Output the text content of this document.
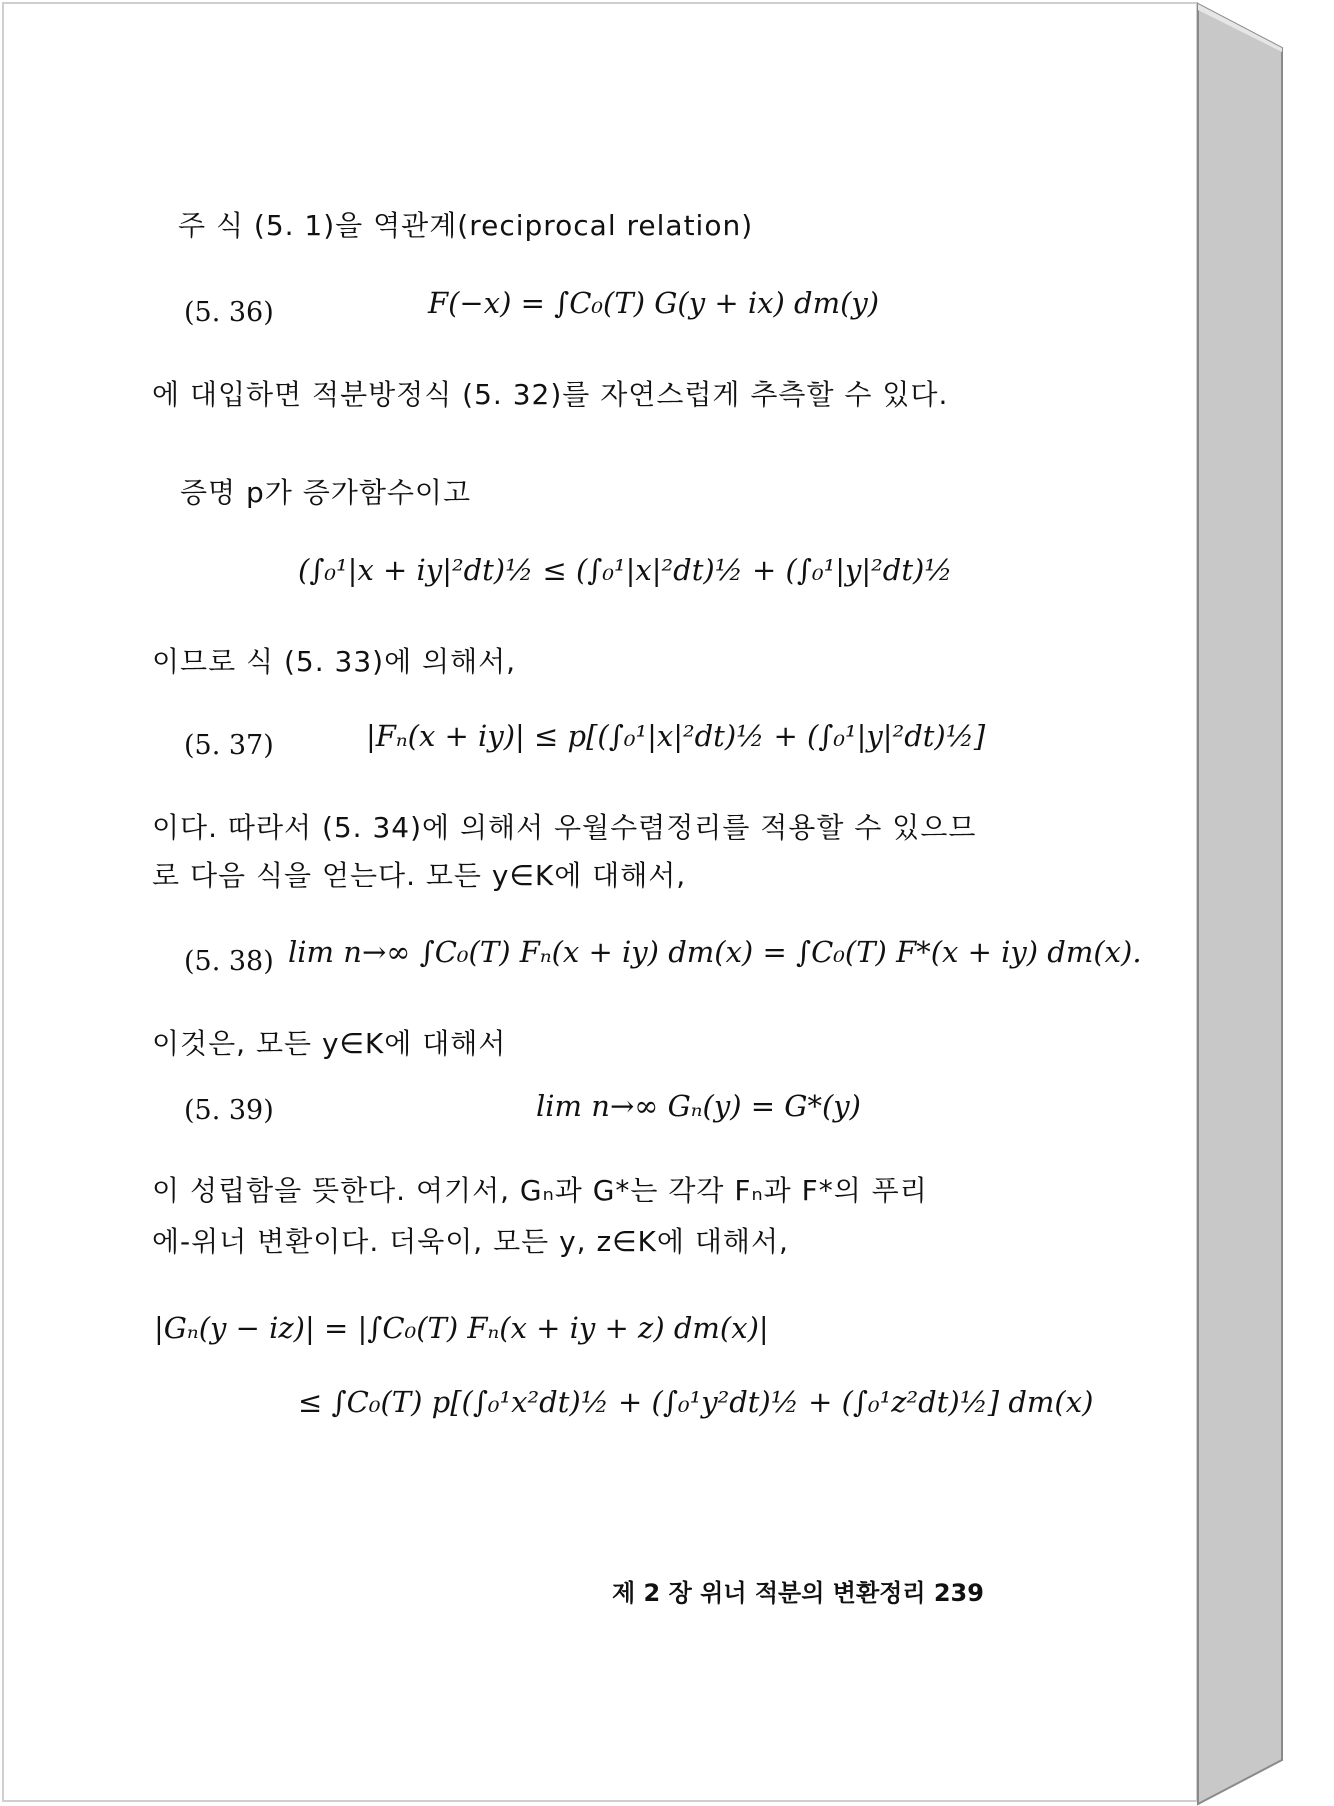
주 식 (5. 1)을 역관계(reciprocal relation)
(5. 36)	F(−x) = ∫C₀(T) G(y + ix) dm(y)
에 대입하면 적분방정식 (5. 32)를 자연스럽게 추측할 수 있다.
증명 p가 증가함수이고
(∫₀¹|x + iy|²dt)½ ≤ (∫₀¹|x|²dt)½ + (∫₀¹|y|²dt)½
이므로 식 (5. 33)에 의해서,
(5. 37)	|Fₙ(x + iy)| ≤ p[(∫₀¹|x|²dt)½ + (∫₀¹|y|²dt)½]
이다. 따라서 (5. 34)에 의해서 우월수렴정리를 적용할 수 있으므
로 다음 식을 얻는다. 모든 y∈K에 대해서,
(5. 38) lim n→∞ ∫C₀(T) Fₙ(x + iy) dm(x) = ∫C₀(T) F*(x + iy) dm(x).
이것은, 모든 y∈K에 대해서
(5. 39)	lim n→∞ Gₙ(y) = G*(y)
이 성립함을 뜻한다. 여기서, Gₙ과 G*는 각각 Fₙ과 F*의 푸리
에-위너 변환이다. 더욱이, 모든 y, z∈K에 대해서,
|Gₙ(y − iz)| = |∫C₀(T) Fₙ(x + iy + z) dm(x)|
≤ ∫C₀(T) p[(∫₀¹x²dt)½ + (∫₀¹y²dt)½ + (∫₀¹z²dt)½] dm(x)
제 2 장 위너 적분의 변환정리 239
